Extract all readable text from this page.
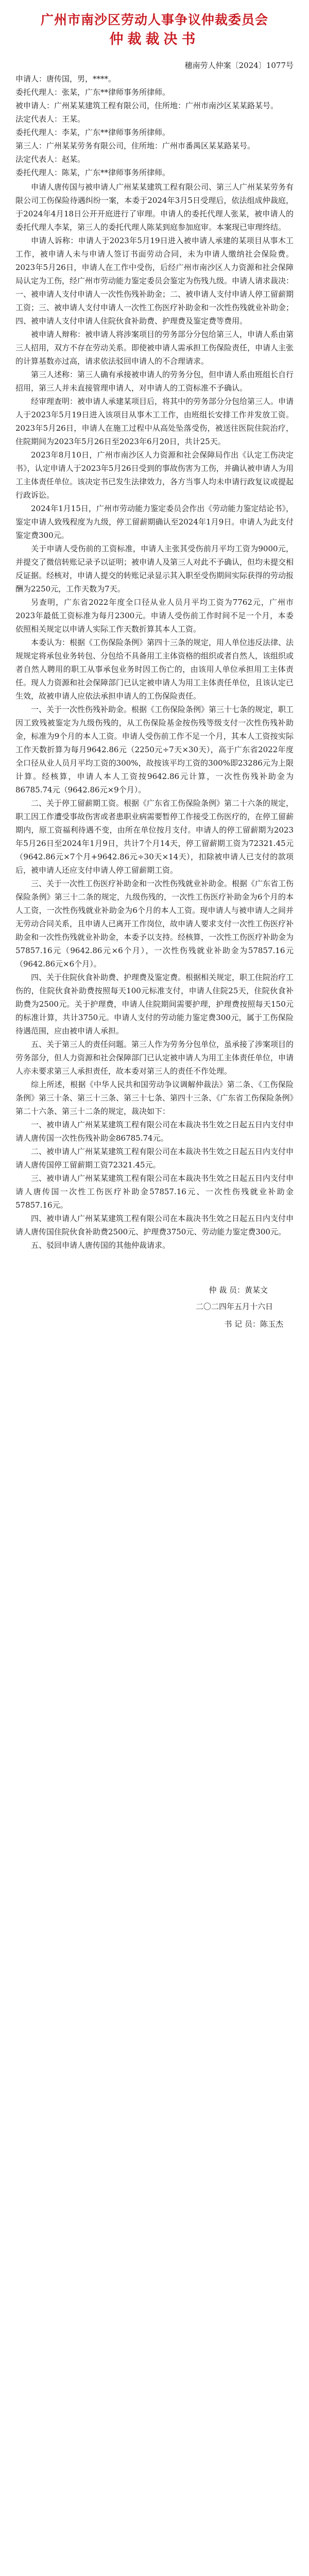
广州市南沙区劳动人事争议仲裁委员会
仲裁裁决书
穗南劳人仲案〔2024〕1077号

申请人：唐传国，男，****。

委托代理人：张某，广东**律师事务所律师。

被申请人：广州某某建筑工程有限公司，住所地：广州市南沙区某某路某号。

法定代表人：王某。

委托代理人：李某，广东**律师事务所律师。

第三人：广州某某劳务有限公司，住所地：广州市番禺区某某路某号。

法定代表人：赵某。

委托代理人：陈某，广东**律师事务所律师。

申请人唐传国与被申请人广州某某建筑工程有限公司、第三人广州某某劳务有限公司工伤保险待遇纠纷一案，本委于2024年3月5日受理后，依法组成仲裁庭，于2024年4月18日公开开庭进行了审理。申请人的委托代理人张某，被申请人的委托代理人李某，第三人的委托代理人陈某到庭参加庭审。本案现已审理终结。

申请人诉称：申请人于2023年5月19日进入被申请人承建的某项目从事木工工作，被申请人未与申请人签订书面劳动合同，未为申请人缴纳社会保险费。2023年5月26日，申请人在工作中受伤，后经广州市南沙区人力资源和社会保障局认定为工伤，经广州市劳动能力鉴定委员会鉴定为伤残九级。申请人请求裁决：一、被申请人支付申请人一次性伤残补助金；二、被申请人支付申请人停工留薪期工资；三、被申请人支付申请人一次性工伤医疗补助金和一次性伤残就业补助金；四、被申请人支付申请人住院伙食补助费、护理费及鉴定费等费用。

被申请人辩称：被申请人将涉案项目的劳务部分分包给第三人，申请人系由第三人招用，双方不存在劳动关系。即使被申请人需承担工伤保险责任，申请人主张的计算基数亦过高，请求依法驳回申请人的不合理请求。

第三人述称：第三人确有承接被申请人的劳务分包，但申请人系由班组长自行招用，第三人并未直接管理申请人，对申请人的工资标准不予确认。

经审理查明：被申请人承建某项目后，将其中的劳务部分分包给第三人。申请人于2023年5月19日进入该项目从事木工工作，由班组长安排工作并发放工资。2023年5月26日，申请人在施工过程中从高处坠落受伤，被送往医院住院治疗，住院期间为2023年5月26日至2023年6月20日，共计25天。

2023年8月10日，广州市南沙区人力资源和社会保障局作出《认定工伤决定书》，认定申请人于2023年5月26日受到的事故伤害为工伤，并确认被申请人为用工主体责任单位。该决定书已发生法律效力，各方当事人均未申请行政复议或提起行政诉讼。

2024年1月15日，广州市劳动能力鉴定委员会作出《劳动能力鉴定结论书》，鉴定申请人致残程度为九级，停工留薪期确认至2024年1月9日。申请人为此支付鉴定费300元。

关于申请人受伤前的工资标准，申请人主张其受伤前月平均工资为9000元，并提交了微信转账记录予以证明；被申请人及第三人对此不予确认，但均未提交相反证据。经核对，申请人提交的转账记录显示其入职至受伤期间实际获得的劳动报酬为2250元，工作天数为7天。

另查明，广东省2022年度全口径从业人员月平均工资为7762元，广州市2023年最低工资标准为每月2300元。申请人受伤前工作时间不足一个月，本委依照相关规定以申请人实际工作天数折算其本人工资。

本委认为：根据《工伤保险条例》第四十三条的规定，用人单位违反法律、法规规定将承包业务转包、分包给不具备用工主体资格的组织或者自然人，该组织或者自然人聘用的职工从事承包业务时因工伤亡的，由该用人单位承担用工主体责任。现人力资源和社会保障部门已认定被申请人为用工主体责任单位，且该认定已生效，故被申请人应依法承担申请人的工伤保险责任。

一、关于一次性伤残补助金。根据《工伤保险条例》第三十七条的规定，职工因工致残被鉴定为九级伤残的，从工伤保险基金按伤残等级支付一次性伤残补助金，标准为9个月的本人工资。申请人受伤前工作不足一个月，其本人工资按实际工作天数折算为每月9642.86元（2250元÷7天×30天），高于广东省2022年度全口径从业人员月平均工资的300%，故按该平均工资的300%即23286元为上限计算。经核算，申请人本人工资按9642.86元计算，一次性伤残补助金为86785.74元（9642.86元×9个月）。

二、关于停工留薪期工资。根据《广东省工伤保险条例》第二十六条的规定，职工因工作遭受事故伤害或者患职业病需要暂停工作接受工伤医疗的，在停工留薪期内，原工资福利待遇不变，由所在单位按月支付。申请人的停工留薪期为2023年5月26日至2024年1月9日，共计7个月14天，停工留薪期工资为72321.45元（9642.86元×7个月+9642.86元÷30天×14天），扣除被申请人已支付的款项后，被申请人还应支付申请人停工留薪期工资。

三、关于一次性工伤医疗补助金和一次性伤残就业补助金。根据《广东省工伤保险条例》第三十二条的规定，九级伤残的，一次性工伤医疗补助金为6个月的本人工资，一次性伤残就业补助金为6个月的本人工资。现申请人与被申请人之间并无劳动合同关系，且申请人已离开工作岗位，故申请人要求支付一次性工伤医疗补助金和一次性伤残就业补助金，本委予以支持。经核算，一次性工伤医疗补助金为57857.16元（9642.86元×6个月），一次性伤残就业补助金为57857.16元（9642.86元×6个月）。

四、关于住院伙食补助费、护理费及鉴定费。根据相关规定，职工住院治疗工伤的，住院伙食补助费按照每天100元标准支付，申请人住院25天，住院伙食补助费为2500元。关于护理费，申请人住院期间需要护理，护理费按照每天150元的标准计算，共计3750元。申请人支付的劳动能力鉴定费300元，属于工伤保险待遇范围，应由被申请人承担。

五、关于第三人的责任问题。第三人作为劳务分包单位，虽承接了涉案项目的劳务部分，但人力资源和社会保障部门已认定被申请人为用工主体责任单位，申请人亦未要求第三人承担责任，故本委对第三人的责任不作处理。

综上所述，根据《中华人民共和国劳动争议调解仲裁法》第二条、《工伤保险条例》第三十条、第三十三条、第三十七条、第四十三条、《广东省工伤保险条例》第二十六条、第三十二条的规定，裁决如下：

一、被申请人广州某某建筑工程有限公司在本裁决书生效之日起五日内支付申请人唐传国一次性伤残补助金86785.74元。

二、被申请人广州某某建筑工程有限公司在本裁决书生效之日起五日内支付申请人唐传国停工留薪期工资72321.45元。

三、被申请人广州某某建筑工程有限公司在本裁决书生效之日起五日内支付申请人唐传国一次性工伤医疗补助金57857.16元、一次性伤残就业补助金57857.16元。

四、被申请人广州某某建筑工程有限公司在本裁决书生效之日起五日内支付申请人唐传国住院伙食补助费2500元、护理费3750元、劳动能力鉴定费300元。

五、驳回申请人唐传国的其他仲裁请求。

仲 裁 员：黄某文
二〇二四年五月十六日
书 记 员：陈玉杰
